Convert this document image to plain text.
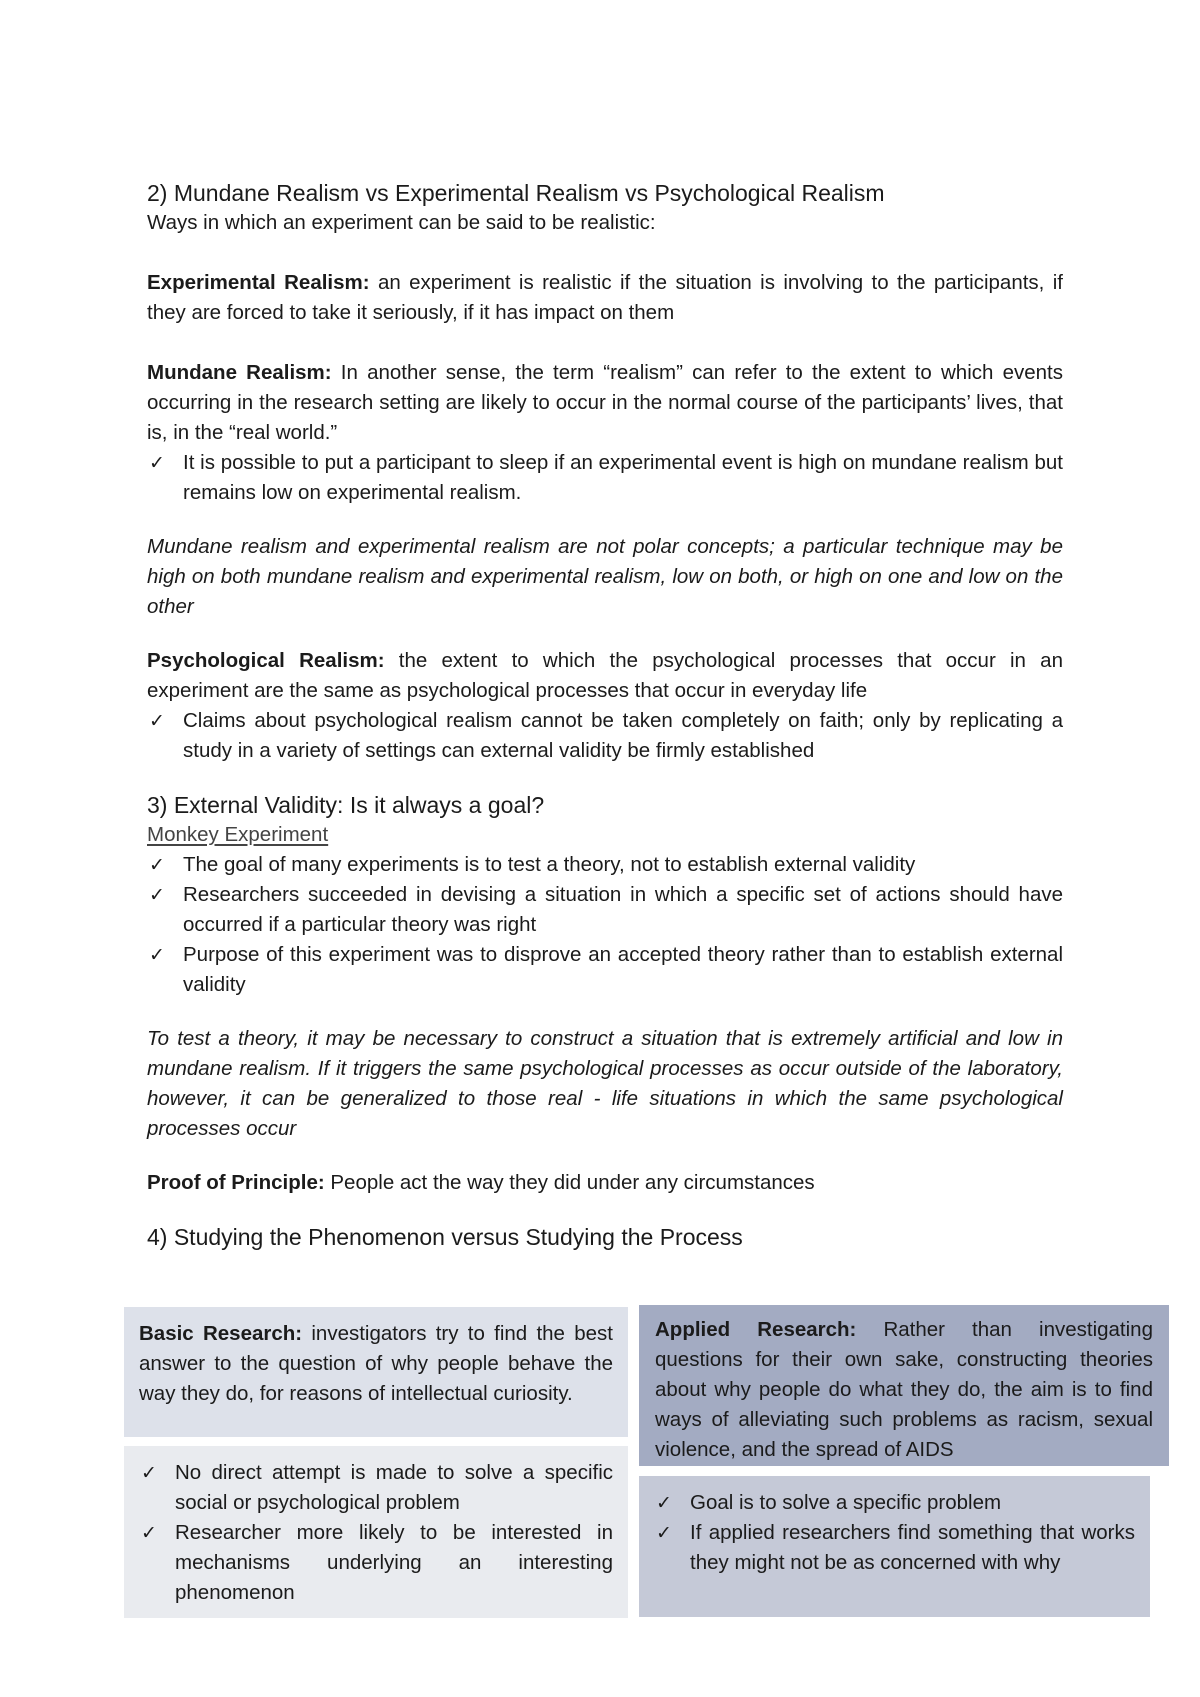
2) Mundane Realism vs Experimental Realism vs Psychological Realism

Ways in which an experiment can be said to be realistic:

Experimental Realism: an experiment is realistic if the situation is involving to the participants, if they are forced to take it seriously, if it has impact on them

Mundane Realism: In another sense, the term “realism” can refer to the extent to which events occurring in the research setting are likely to occur in the normal course of the participants’ lives, that is, in the “real world.”

✓ It is possible to put a participant to sleep if an experimental event is high on mundane realism but remains low on experimental realism.

Mundane realism and experimental realism are not polar concepts; a particular technique may be high on both mundane realism and experimental realism, low on both, or high on one and low on the other

Psychological Realism: the extent to which the psychological processes that occur in an experiment are the same as psychological processes that occur in everyday life

✓ Claims about psychological realism cannot be taken completely on faith; only by replicating a study in a variety of settings can external validity be firmly established
3) External Validity: Is it always a goal?

Monkey Experiment

✓ The goal of many experiments is to test a theory, not to establish external validity
✓ Researchers succeeded in devising a situation in which a specific set of actions should have occurred if a particular theory was right
✓ Purpose of this experiment was to disprove an accepted theory rather than to establish external validity

To test a theory, it may be necessary to construct a situation that is extremely artificial and low in mundane realism. If it triggers the same psychological processes as occur outside of the laboratory, however, it can be generalized to those real - life situations in which the same psychological processes occur

Proof of Principle: People act the way they did under any circumstances

4) Studying the Phenomenon versus Studying the Process

Basic Research: investigators try to find the best answer to the question of why people behave the way they do, for reasons of intellectual curiosity.

✓ No direct attempt is made to solve a specific social or psychological problem
✓ Researcher more likely to be interested in mechanisms underlying an interesting phenomenon

Applied Research: Rather than investigating questions for their own sake, constructing theories about why people do what they do, the aim is to find ways of alleviating such problems as racism, sexual violence, and the spread of AIDS

✓ Goal is to solve a specific problem
✓ If applied researchers find something that works they might not be as concerned with why
